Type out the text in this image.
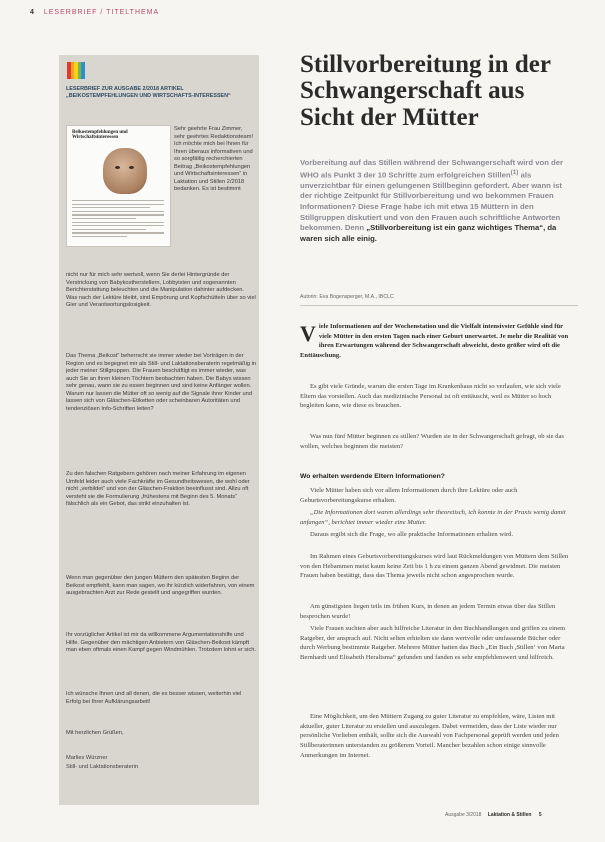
4 LESERBRIEF / TITELTHEMA
LESERBRIEF ZUR AUSGABE 2/2018 ARTIKEL „BEIKOSTEMPFEHLUNGEN UND WIRTSCHAFTS-INTERESSEN“
Beikostempfehlungen und Wirtschaftsinteressen

Sehr geehrte Frau Zimmer, sehr geehrtes Redaktionsteam! Ich möchte mich bei Ihnen für Ihren überaus informativen und so sorgfältig recherchierten Beitrag „Beikostempfehlungen und Wirtschaftsinteressen“ in Laktation und Stillen 2/2018 bedanken. Es ist bestimmt

nicht nur für mich sehr wertvoll, wenn Sie derlei Hintergründe der Verstrickung von Babykostherstellern, Lobbyisten und sogenannten Berichterstattung beleuchten und die Manipulation dahinter aufdecken. Was nach der Lektüre bleibt, sind Empörung und Kopfschütteln über so viel Gier und Verantwortungslosigkeit.

Das Thema „Beikost“ beherrscht sie immer wieder bei Vorträgen in der Region und es begegnet mir als Still- und Laktationsberaterin regelmäßig in jeder meiner Stillgruppen. Die Frauen beschäftigt es immer wieder, was auch Sie an ihren kleinen Töchtern beobachten haben. Die Babys wissen sehr genau, wann sie zu essen beginnen und sind keine Anfänger wollen. Warum nur lassen die Mütter oft so wenig auf die Signale ihrer Kinder und lassen sich von Gläschen-Etiketten oder scheinbaren Autoritäten und tendenziösen Info-Schriften leiten?

Zu den falschen Ratgebern gehören nach meiner Erfahrung im eigenen Umfeld leider auch viele Fachkräfte im Gesundheitswesen, die wohl oder nicht „verbildet“ und von der Gläschen-Fraktion beeinflusst sind. Allzu oft versteht sie die Formulierung „frühestens mit Beginn des 5. Monats“ fälschlich als ein Gebot, das strikt einzuhalten ist.

Wenn man gegenüber den jungen Müttern den spätesten Beginn der Beikost empfiehlt, kann man sagen, wo ihr kürzlich widerfahren, von einem ausgebrachten Arzt zur Rede gestellt und angegriffen wurden.

Ihr vorzüglicher Artikel ist mir da willkommene Argumentationshilfe und Hilfe. Gegenüber den mächtigen Anbietern von Gläschen-Beikost kämpft man eben oftmals einen Kampf gegen Windmühlen. Trotzdem lohnt er sich.

Ich wünsche Ihnen und all denen, die es besser wissen, weiterhin viel Erfolg bei Ihrer Aufklärungsarbeit!

Mit herzlichen Grüßen,

Marlies Würzner

Still- und Laktationsberaterin

Stillvorbereitung in der Schwangerschaft aus Sicht der Mütter

Vorbereitung auf das Stillen während der Schwangerschaft wird von der WHO als Punkt 3 der 10 Schritte zum erfolgreichen Stillen$^{(1)}$ als unverzichtbar für einen gelungenen Stillbeginn gefordert. Aber wann ist der richtige Zeitpunkt für Stillvorbereitung und wo bekommen Frauen Informationen? Diese Frage habe ich mit etwa 15 Müttern in den Stillgruppen diskutiert und von den Frauen auch schriftliche Antworten bekommen. Denn „Stillvorbereitung ist ein ganz wichtiges Thema“, da waren sich alle einig.

Autorin: Eva Bogensperger, M.A., IBCLC

Viele Informationen auf der Wochenstation und die Vielfalt intensivster Gefühle sind für viele Mütter in den ersten Tagen nach einer Geburt unerwartet. Je mehr die Realität von ihren Erwartungen während der Schwangerschaft abweicht, desto größer wird oft die Enttäuschung.

Es gibt viele Gründe, warum die ersten Tage im Krankenhaus nicht so verlaufen, wie sich viele Eltern das vorstellen. Auch das medizinische Personal ist oft enttäuscht, weil es Mütter so hoch begleiten kann, wie diese es brauchen.

Was nun fünf Mütter beginnen zu stillen? Wurden sie in der Schwangerschaft gefragt, ob sie das wollen, welches beginnen die meisten?

Wo erhalten werdende Eltern Informationen?

Viele Mütter haben sich vor allem Informationen durch ihre Lektüre oder auch Geburtsvorbereitungskurse erhalten.

„Die Informationen dort waren allerdings sehr theoretisch, ich konnte in der Praxis wenig damit anfangen“, berichtet immer wieder eine Mutter.

Daraus ergibt sich die Frage, wo alle praktische Informationen erhalten wird.

Im Rahmen eines Geburtsvorbereitungskurses wird laut Rückmeldungen von Müttern dem Stillen von den Hebammen meist kaum keine Zeit bis 1 h zu einem ganzen Abend gewidmet. Die meisten Frauen haben bestätigt, dass das Thema jeweils nicht schon angesprochen wurde.

Am günstigsten liegen teils im frühen Kurs, in denen an jedem Termin etwas über das Stillen besprochen wurde!

Viele Frauen suchten aber auch hilfreiche Literatur in den Buchhandlungen und griffen zu einem Ratgeber, der ansprach auf. Nicht selten erhielten sie dann wertvolle oder umfassende Bücher oder durch Werbung bestimmte Ratgeber. Mehrere Mütter hatten das Buch „Ein Buch ,Stillen‘ von Marta Bernhardt und Elisabeth Heraltsma“ gefunden und fanden es sehr empfehlenswert und hilfreich.

Eine Möglichkeit, um den Müttern Zugang zu guter Literatur zu empfehlen, wäre, Listen mit aktueller, guter Literatur zu erstellen und auszulegen. Dabei vermeiden, dass der Liste wieder nur persönliche Vorlieben enthält, sollte sich die Auswahl von Fachpersonal geprüft werden und jeden Stillberaterinnen unterstanden zu größerem Vorteil. Mancher bezahlen schon einige sinnvolle Anmerkungen im Internet.

Ausgabe 3/2018 Laktation & Stillen 5
